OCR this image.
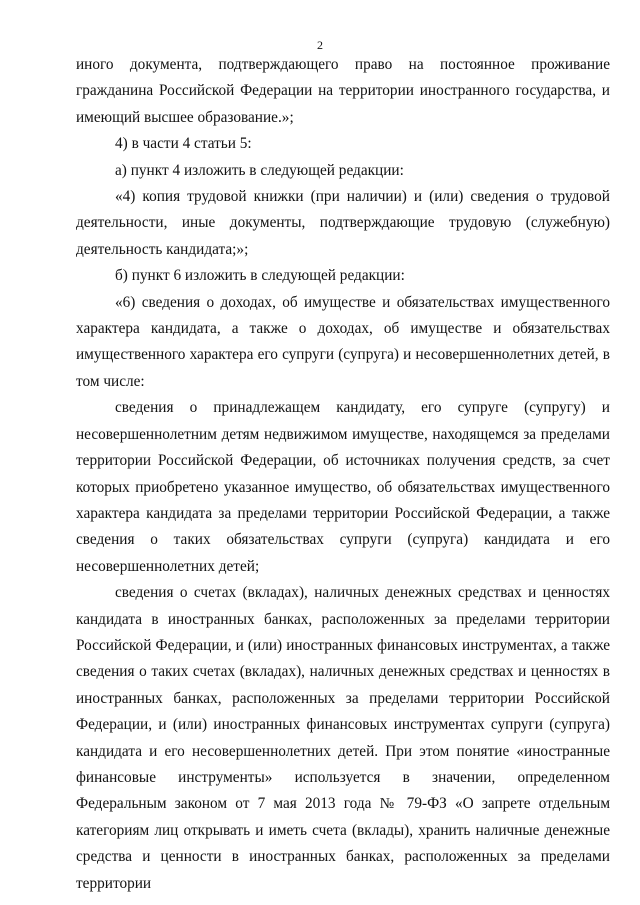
2

иного документа, подтверждающего право на постоянное проживание гражданина Российской Федерации на территории иностранного государства, и имеющий высшее образование.»;

4) в части 4 статьи 5:

а) пункт 4 изложить в следующей редакции:

«4) копия трудовой книжки (при наличии) и (или) сведения о трудовой деятельности, иные документы, подтверждающие трудовую (служебную) деятельность кандидата;»;

б) пункт 6 изложить в следующей редакции:

«6) сведения о доходах, об имуществе и обязательствах имущественного характера кандидата, а также о доходах, об имуществе и обязательствах имущественного характера его супруги (супруга) и несовершеннолетних детей, в том числе:

сведения о принадлежащем кандидату, его супруге (супругу) и несовершеннолетним детям недвижимом имуществе, находящемся за пределами территории Российской Федерации, об источниках получения средств, за счет которых приобретено указанное имущество, об обязательствах имущественного характера кандидата за пределами территории Российской Федерации, а также сведения о таких обязательствах супруги (супруга) кандидата и его несовершеннолетних детей;

сведения о счетах (вкладах), наличных денежных средствах и ценностях кандидата в иностранных банках, расположенных за пределами территории Российской Федерации, и (или) иностранных финансовых инструментах, а также сведения о таких счетах (вкладах), наличных денежных средствах и ценностях в иностранных банках, расположенных за пределами территории Российской Федерации, и (или) иностранных финансовых инструментах супруги (супруга) кандидата и его несовершеннолетних детей. При этом понятие «иностранные финансовые инструменты» используется в значении, определенном Федеральным законом от 7 мая 2013 года № 79-ФЗ «О запрете отдельным категориям лиц открывать и иметь счета (вклады), хранить наличные денежные средства и ценности в иностранных банках, расположенных за пределами территории
